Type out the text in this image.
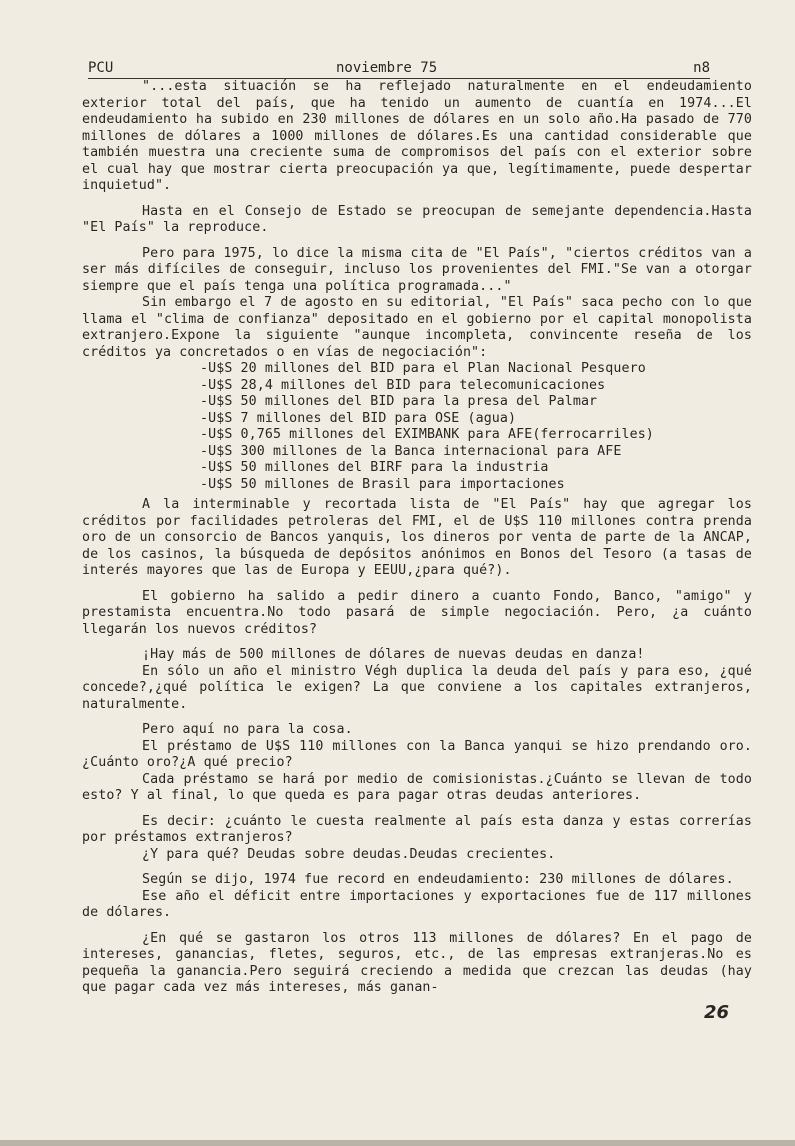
PCU	noviembre 75	n8

"...esta situación se ha reflejado naturalmente en el endeudamiento exterior total del país, que ha tenido un aumento de cuantía en 1974...El endeudamiento ha subido en 230 millones de dólares en un solo año.Ha pasado de 770 millones de dólares a 1000 millones de dólares.Es una cantidad considerable que también muestra una creciente suma de compromisos del país con el exterior sobre el cual hay que mostrar cierta preocupación ya que, legítimamente, puede despertar inquietud".

Hasta en el Consejo de Estado se preocupan de semejante dependencia.Hasta "El País" la reproduce.

Pero para 1975, lo dice la misma cita de "El País", "ciertos créditos van a ser más difíciles de conseguir, incluso los provenientes del FMI."Se van a otorgar siempre que el país tenga una política programada..."

Sin embargo el 7 de agosto en su editorial, "El País" saca pecho con lo que llama el "clima de confianza" depositado en el gobierno por el capital monopolista extranjero.Expone la siguiente "aunque incompleta, convincente reseña de los créditos ya concretados o en vías de negociación":

-U$S 20 millones del BID para el Plan Nacional Pesquero
-U$S 28,4 millones del BID para telecomunicaciones
-U$S 50 millones del BID para la presa del Palmar
-U$S 7 millones del BID para OSE (agua)
-U$S 0,765 millones del EXIMBANK para AFE(ferrocarriles)
-U$S 300 millones de la Banca internacional para AFE
-U$S 50 millones del BIRF para la industria
-U$S 50 millones de Brasil para importaciones

A la interminable y recortada lista de "El País" hay que agregar los créditos por facilidades petroleras del FMI, el de U$S 110 millones contra prenda oro de un consorcio de Bancos yanquis, los dineros por venta de parte de la ANCAP, de los casinos, la búsqueda de depósitos anónimos en Bonos del Tesoro (a tasas de interés mayores que las de Europa y EEUU,¿para qué?).

El gobierno ha salido a pedir dinero a cuanto Fondo, Banco, "amigo" y prestamista encuentra.No todo pasará de simple negociación. Pero, ¿a cuánto llegarán los nuevos créditos?

¡Hay más de 500 millones de dólares de nuevas deudas en danza!

En sólo un año el ministro Végh duplica la deuda del país y para eso, ¿qué concede?,¿qué política le exigen? La que conviene a los capitales extranjeros, naturalmente.

Pero aquí no para la cosa.

El préstamo de U$S 110 millones con la Banca yanqui se hizo prendando oro.¿Cuánto oro?¿A qué precio?

Cada préstamo se hará por medio de comisionistas.¿Cuánto se llevan de todo esto? Y al final, lo que queda es para pagar otras deudas anteriores.

Es decir: ¿cuánto le cuesta realmente al país esta danza y estas correrías por préstamos extranjeros?

¿Y para qué? Deudas sobre deudas.Deudas crecientes.

Según se dijo, 1974 fue record en endeudamiento: 230 millones de dólares.

Ese año el déficit entre importaciones y exportaciones fue de 117 millones de dólares.

¿En qué se gastaron los otros 113 millones de dólares? En el pago de intereses, ganancias, fletes, seguros, etc., de las empresas extranjeras.No es pequeña la ganancia.Pero seguirá creciendo a medida que crezcan las deudas (hay que pagar cada vez más intereses, más ganan-

26
